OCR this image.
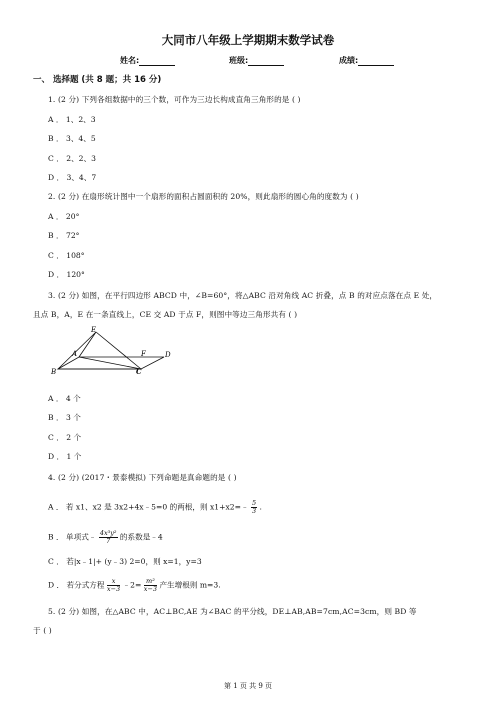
大同市八年级上学期期末数学试卷
姓名:	班级:	成绩:
一、 选择题 (共 8 题；共 16 分)
1. (2 分) 下列各组数据中的三个数，可作为三边长构成直角三角形的是 ( )
A ． 1、2、3
B ． 3、4、5
C ． 2、2、3
D ． 3、4、7
2. (2 分) 在扇形统计图中一个扇形的面积占圆面积的 20%，则此扇形的圆心角的度数为 ( )
A ． 20°
B ． 72°
C ． 108°
D ． 120°
3. (2 分) 如图，在平行四边形 ABCD 中，∠B=60°，将△ABC 沿对角线 AC 折叠，点 B 的对应点落在点 E 处，
且点 B，A，E 在一条直线上，CE 交 AD 于点 F，则图中等边三角形共有 ( )
E
A	F	D
B	C
A ． 4 个
B ． 3 个
C ． 2 个
D ． 1 个
4. (2 分) (2017・景泰模拟) 下列命题是真命题的是 ( )
A ． 若 x1、x2 是 3x2+4x﹣5=0 的两根，则 x1+x2=﹣ $\frac{5}{3}$ .
B ． 单项式﹣ $\frac{\text{4x³y²}}{7}$ 的系数是﹣4
C ． 若|x﹣1|+ (y﹣3) 2=0，则 x=1，y=3
D ． 若分式方程 $\frac{x}{x-3}$ ﹣2= $\frac{\text{m²}}{x-3}$ 产生增根则 m=3.
5. (2 分) 如图，在△ABC 中，AC⊥BC,AE 为∠BAC 的平分线，DE⊥AB,AB=7cm,AC=3cm，则 BD 等
于 ( )
第 1 页 共 9 页
